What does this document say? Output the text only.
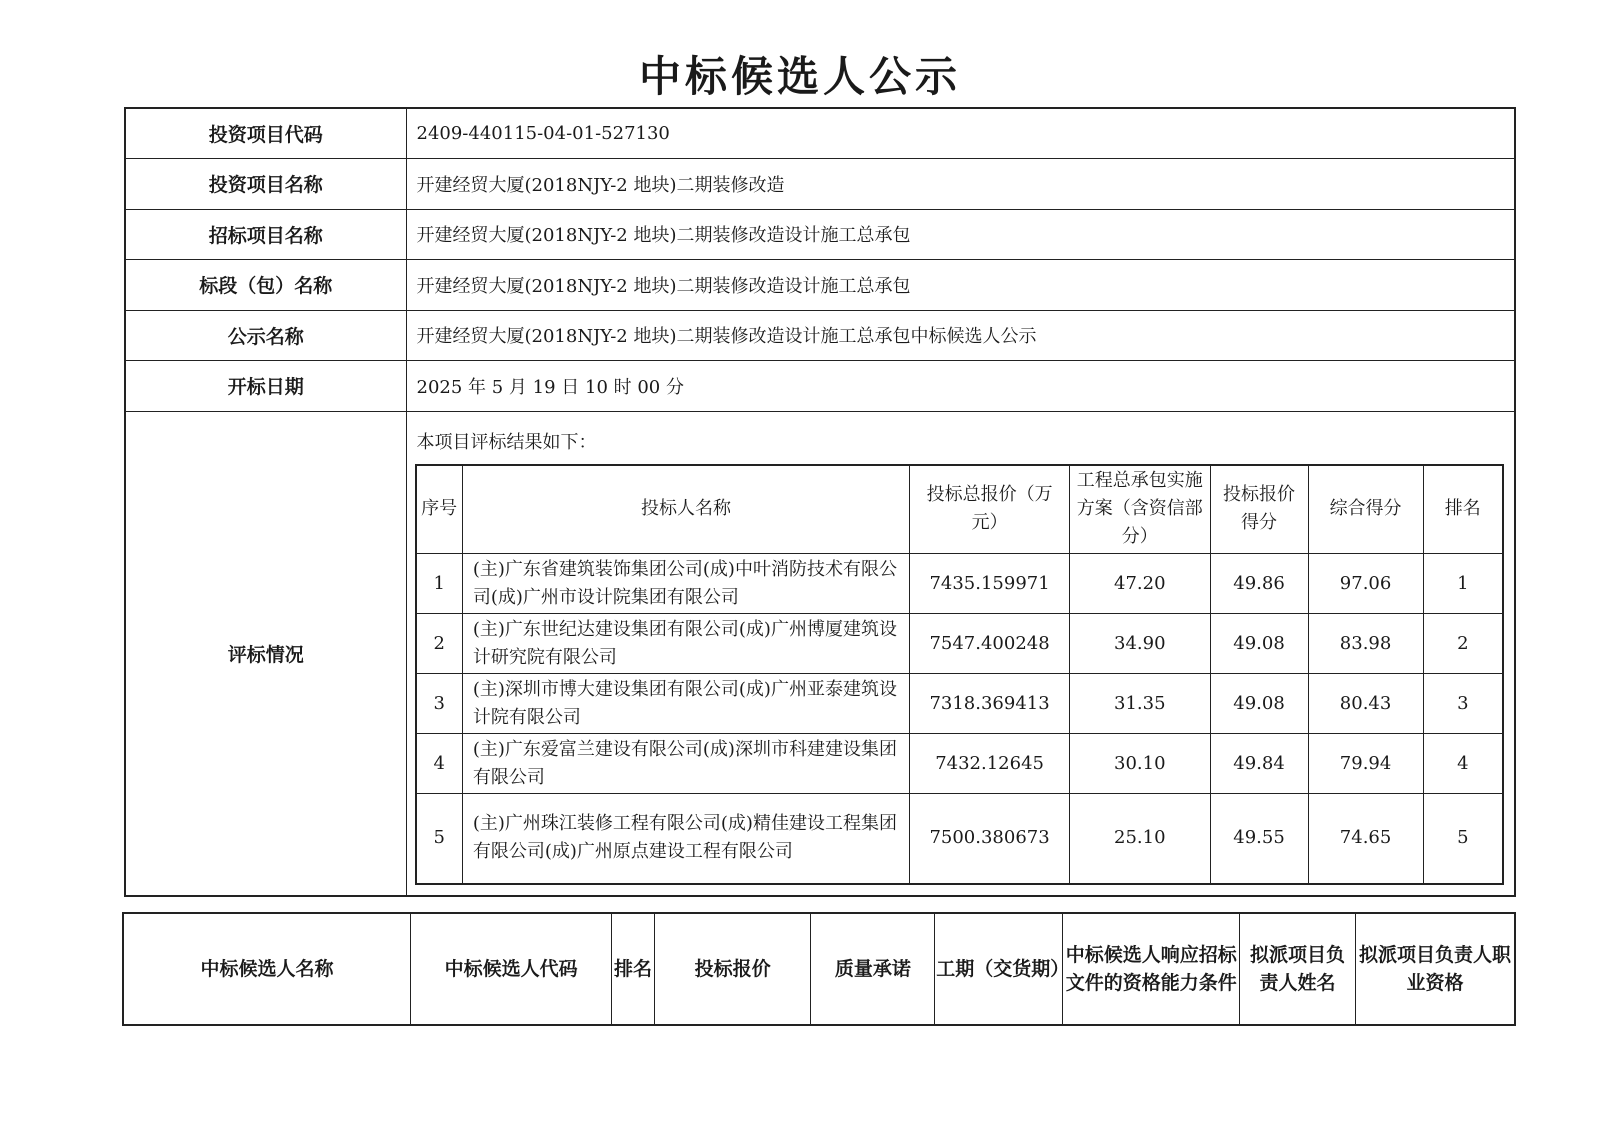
中标候选人公示
投资项目代码	2409-440115-04-01-527130
投资项目名称	开建经贸大厦(2018NJY-2 地块)二期装修改造
招标项目名称	开建经贸大厦(2018NJY-2 地块)二期装修改造设计施工总承包
标段（包）名称	开建经贸大厦(2018NJY-2 地块)二期装修改造设计施工总承包
公示名称	开建经贸大厦(2018NJY-2 地块)二期装修改造设计施工总承包中标候选人公示
开标日期	2025 年 5 月 19 日 10 时 00 分
评标情况	
本项目评标结果如下：
序号	投标人名称	投标总报价（万元）	工程总承包实施方案（含资信部分）	投标报价得分	综合得分	排名
1	(主)广东省建筑装饰集团公司(成)中叶消防技术有限公司(成)广州市设计院集团有限公司	7435.159971	47.20	49.86	97.06	1
2	(主)广东世纪达建设集团有限公司(成)广州博厦建筑设计研究院有限公司	7547.400248	34.90	49.08	83.98	2
3	(主)深圳市博大建设集团有限公司(成)广州亚泰建筑设计院有限公司	7318.369413	31.35	49.08	80.43	3
4	(主)广东爱富兰建设有限公司(成)深圳市科建建设集团有限公司	7432.12645	30.10	49.84	79.94	4
5	(主)广州珠江装修工程有限公司(成)精佳建设工程集团有限公司(成)广州原点建设工程有限公司	7500.380673	25.10	49.55	74.65	5
中标候选人名称	中标候选人代码	排名	投标报价	质量承诺	工期（交货期）	中标候选人响应招标文件的资格能力条件	拟派项目负责人姓名	拟派项目负责人职业资格
